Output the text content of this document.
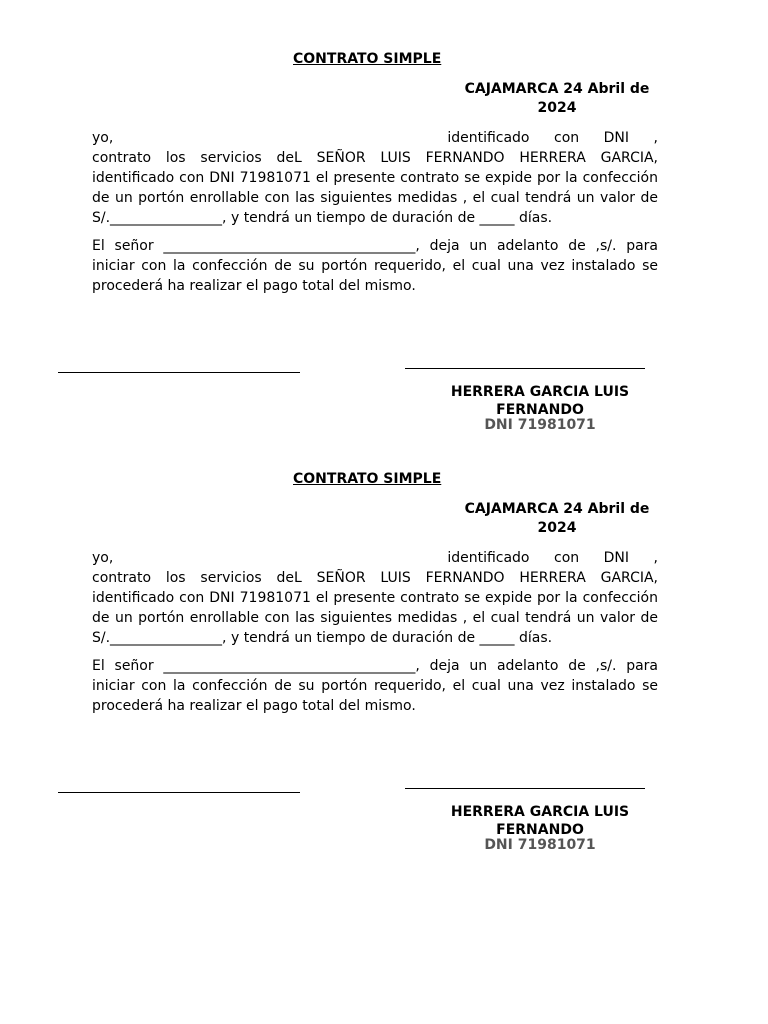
CONTRATO SIMPLE
CAJAMARCA 24 Abril de 2024

yo,	identificado con DNI , contrato los servicios deL SEÑOR LUIS FERNANDO HERRERA GARCIA, identificado con DNI 71981071 el presente contrato se expide por la confección de un portón enrollable con las siguientes medidas , el cual tendrá un valor de S/.________________, y tendrá un tiempo de duración de _____ días.

El señor ____________________________________, deja un adelanto de ,s/. para iniciar con la confección de su portón requerido, el cual una vez instalado se procederá ha realizar el pago total del mismo.

HERRERA GARCIA LUIS FERNANDO
DNI 71981071
CONTRATO SIMPLE
CAJAMARCA 24 Abril de 2024

yo,	identificado con DNI , contrato los servicios deL SEÑOR LUIS FERNANDO HERRERA GARCIA, identificado con DNI 71981071 el presente contrato se expide por la confección de un portón enrollable con las siguientes medidas , el cual tendrá un valor de S/.________________, y tendrá un tiempo de duración de _____ días.

El señor ____________________________________, deja un adelanto de ,s/. para iniciar con la confección de su portón requerido, el cual una vez instalado se procederá ha realizar el pago total del mismo.

HERRERA GARCIA LUIS FERNANDO
DNI 71981071
